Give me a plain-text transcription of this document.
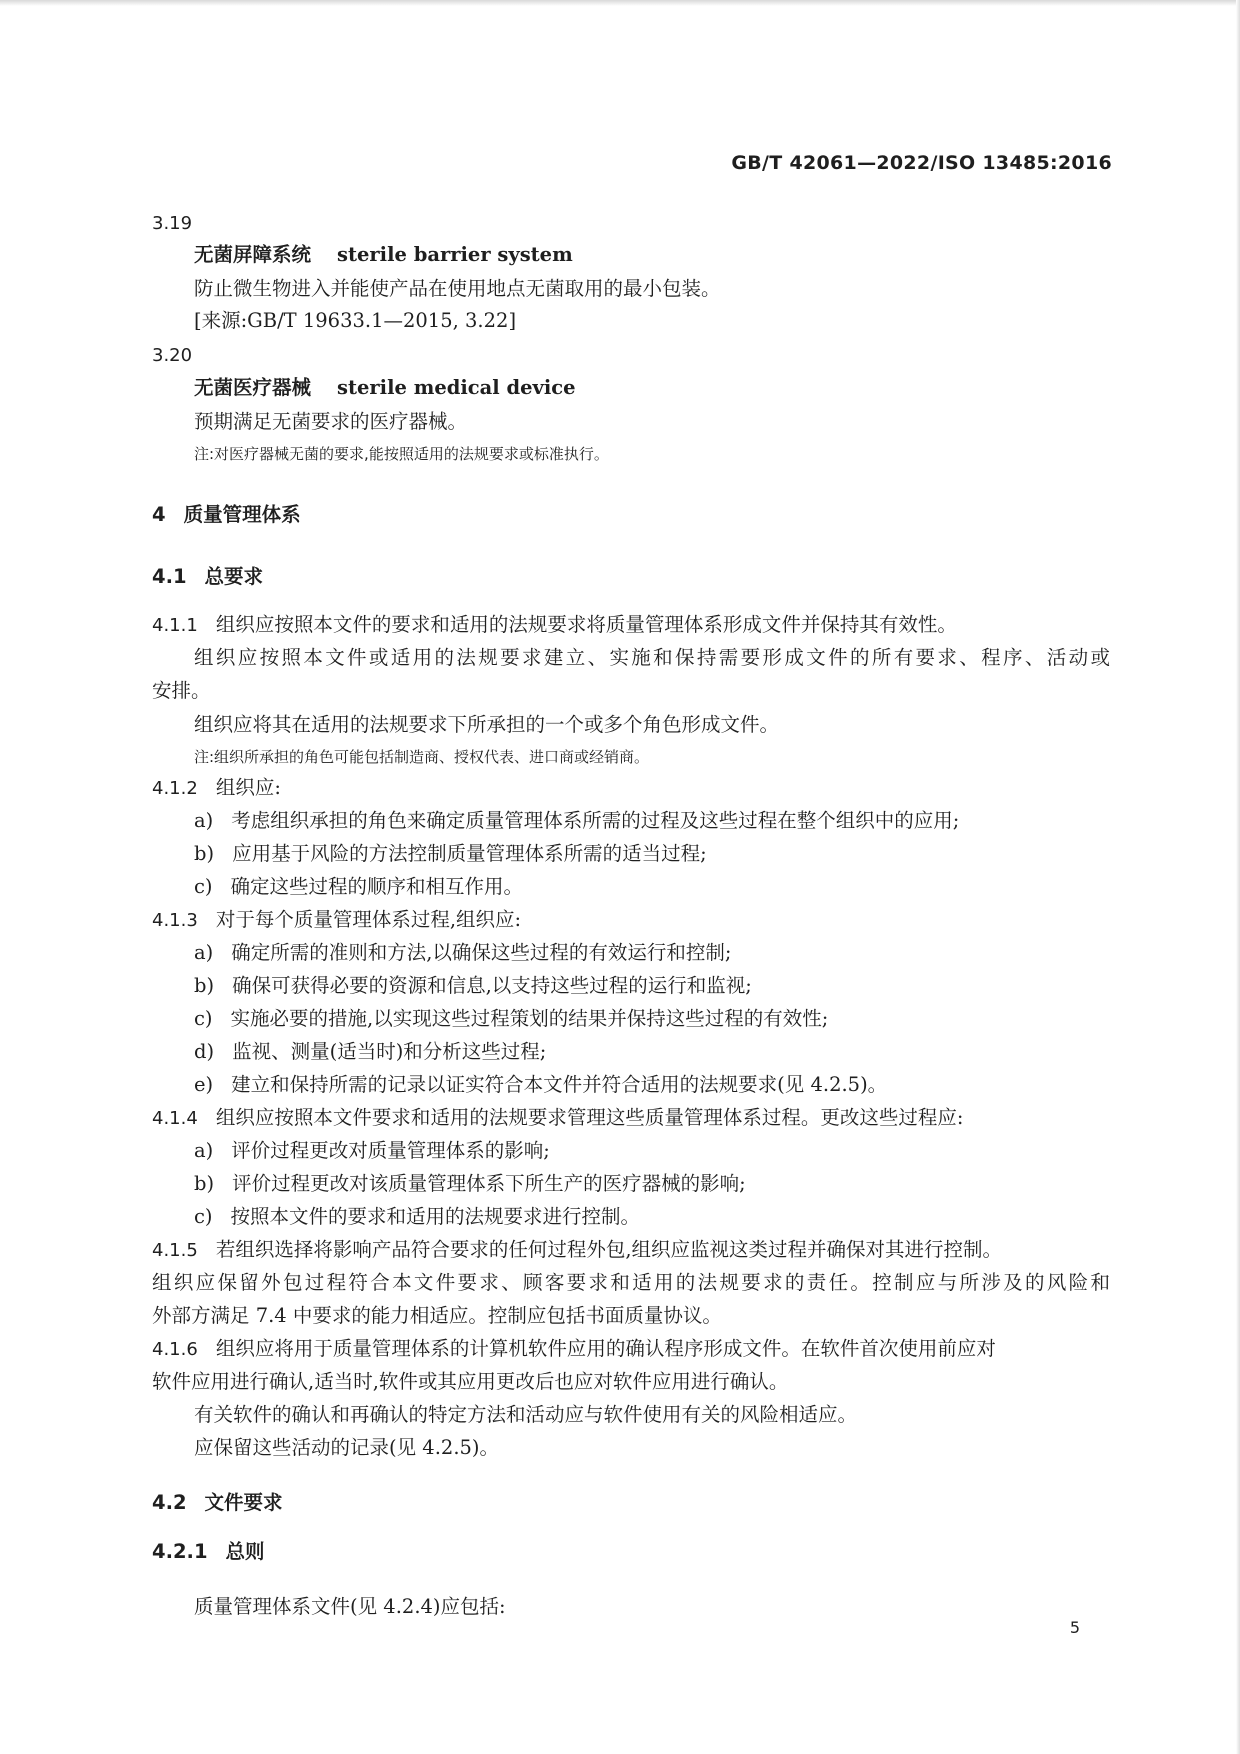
GB/T 42061—2022/ISO 13485:2016
3.19
无菌屏障系统 sterile barrier system
防止微生物进入并能使产品在使用地点无菌取用的最小包装。
[来源:GB/T 19633.1—2015, 3.22]
3.20
无菌医疗器械 sterile medical device
预期满足无菌要求的医疗器械。
注:对医疗器械无菌的要求,能按照适用的法规要求或标准执行。
4 质量管理体系
4.1 总要求
4.1.1 组织应按照本文件的要求和适用的法规要求将质量管理体系形成文件并保持其有效性。
组织应按照本文件或适用的法规要求建立、实施和保持需要形成文件的所有要求、程序、活动或
安排。
组织应将其在适用的法规要求下所承担的一个或多个角色形成文件。
注:组织所承担的角色可能包括制造商、授权代表、进口商或经销商。
4.1.2 组织应:
a) 考虑组织承担的角色来确定质量管理体系所需的过程及这些过程在整个组织中的应用;
b) 应用基于风险的方法控制质量管理体系所需的适当过程;
c) 确定这些过程的顺序和相互作用。
4.1.3 对于每个质量管理体系过程,组织应:
a) 确定所需的准则和方法,以确保这些过程的有效运行和控制;
b) 确保可获得必要的资源和信息,以支持这些过程的运行和监视;
c) 实施必要的措施,以实现这些过程策划的结果并保持这些过程的有效性;
d) 监视、测量(适当时)和分析这些过程;
e) 建立和保持所需的记录以证实符合本文件并符合适用的法规要求(见 4.2.5)。
4.1.4 组织应按照本文件要求和适用的法规要求管理这些质量管理体系过程。更改这些过程应:
a) 评价过程更改对质量管理体系的影响;
b) 评价过程更改对该质量管理体系下所生产的医疗器械的影响;
c) 按照本文件的要求和适用的法规要求进行控制。
4.1.5 若组织选择将影响产品符合要求的任何过程外包,组织应监视这类过程并确保对其进行控制。
组织应保留外包过程符合本文件要求、顾客要求和适用的法规要求的责任。控制应与所涉及的风险和
外部方满足 7.4 中要求的能力相适应。控制应包括书面质量协议。
4.1.6 组织应将用于质量管理体系的计算机软件应用的确认程序形成文件。在软件首次使用前应对
软件应用进行确认,适当时,软件或其应用更改后也应对软件应用进行确认。
有关软件的确认和再确认的特定方法和活动应与软件使用有关的风险相适应。
应保留这些活动的记录(见 4.2.5)。
4.2 文件要求
4.2.1 总则
质量管理体系文件(见 4.2.4)应包括:
5
